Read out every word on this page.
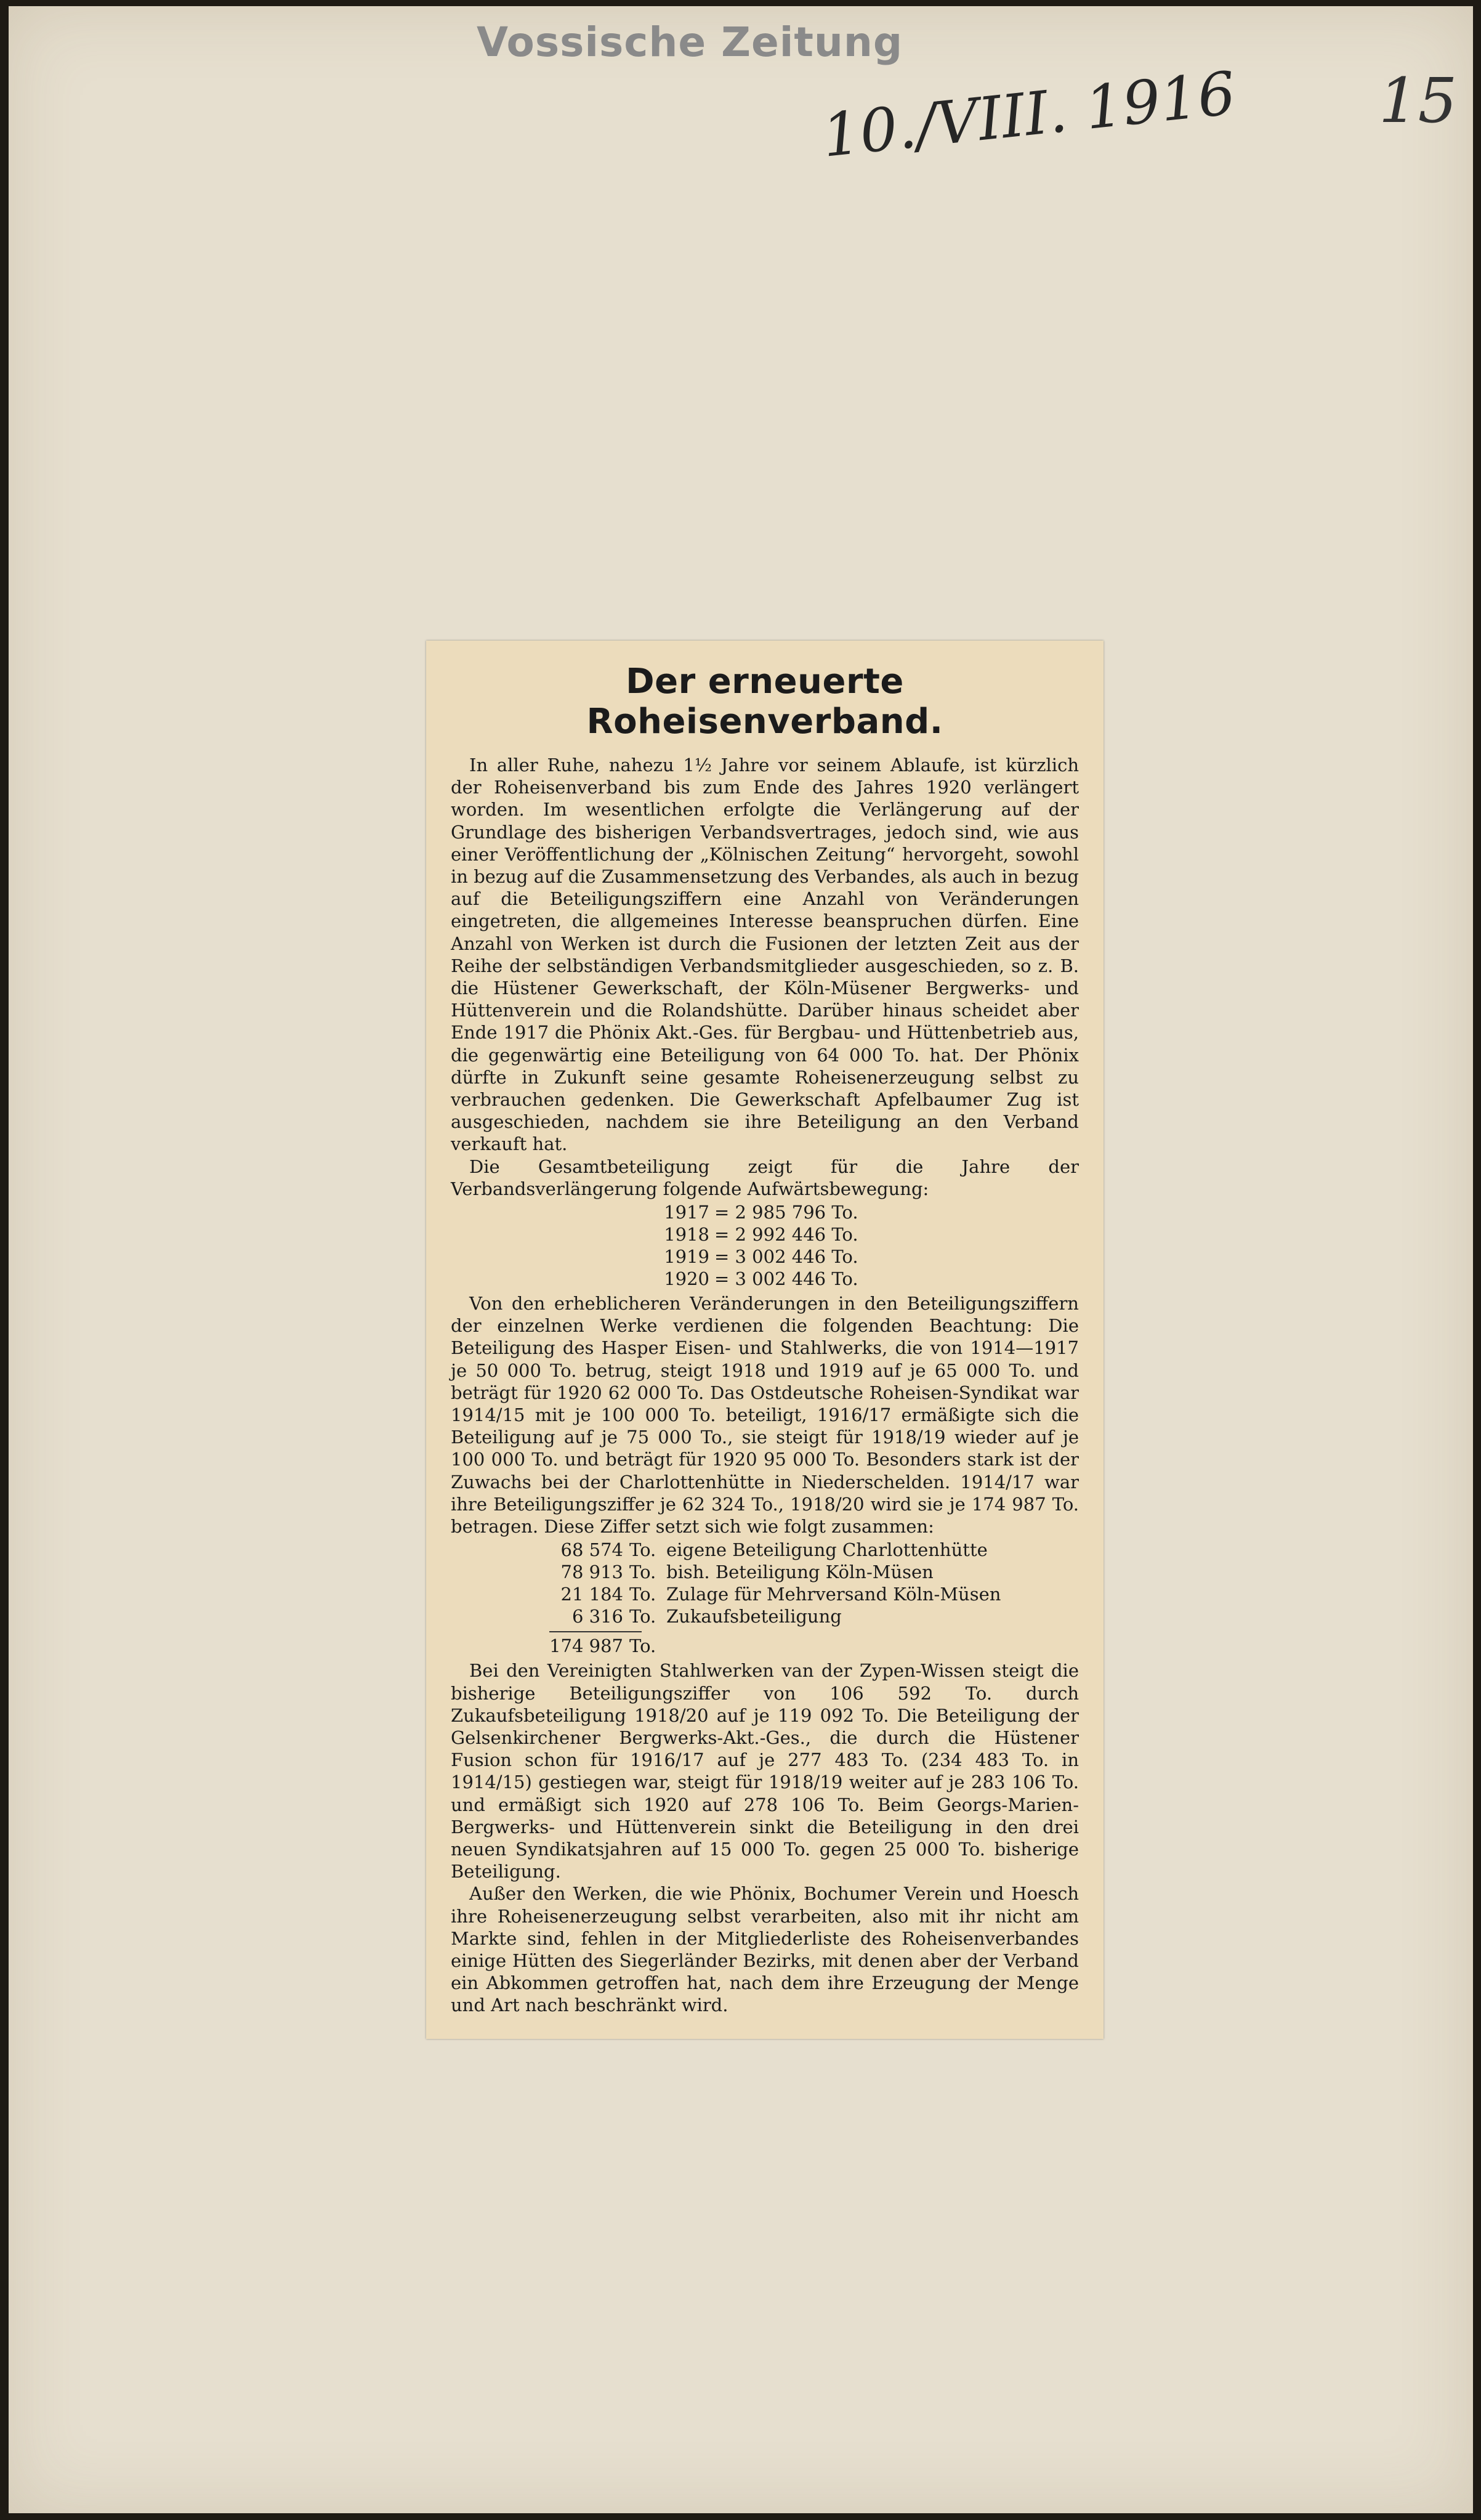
Vossische Zeitung
10./VIII. 1916 15
Der erneuerte Roheisenverband.

In aller Ruhe, nahezu 1½ Jahre vor seinem Ablaufe, ist kürzlich der Roheisenverband bis zum Ende des Jahres 1920 verlängert worden. Im wesentlichen erfolgte die Verlängerung auf der Grundlage des bisherigen Verbandsvertrages, jedoch sind, wie aus einer Veröffentlichung der „Kölnischen Zeitung“ hervorgeht, sowohl in bezug auf die Zusammensetzung des Verbandes, als auch in bezug auf die Beteiligungsziffern eine Anzahl von Veränderungen eingetreten, die allgemeines Interesse beanspruchen dürfen. Eine Anzahl von Werken ist durch die Fusionen der letzten Zeit aus der Reihe der selbständigen Verbandsmitglieder ausgeschieden, so z. B. die Hüstener Gewerkschaft, der Köln-Müsener Bergwerks- und Hüttenverein und die Rolandshütte. Darüber hinaus scheidet aber Ende 1917 die Phönix Akt.-Ges. für Bergbau- und Hüttenbetrieb aus, die gegenwärtig eine Beteiligung von 64 000 To. hat. Der Phönix dürfte in Zukunft seine gesamte Roheisenerzeugung selbst zu verbrauchen gedenken. Die Gewerkschaft Apfelbaumer Zug ist ausgeschieden, nachdem sie ihre Beteiligung an den Verband verkauft hat.

Die Gesamtbeteiligung zeigt für die Jahre der Verbandsverlängerung folgende Aufwärtsbewegung:

1917 = 2 985 796 To.
1918 = 2 992 446 To.
1919 = 3 002 446 To.
1920 = 3 002 446 To.

Von den erheblicheren Veränderungen in den Beteiligungsziffern der einzelnen Werke verdienen die folgenden Beachtung: Die Beteiligung des Hasper Eisen- und Stahlwerks, die von 1914—1917 je 50 000 To. betrug, steigt 1918 und 1919 auf je 65 000 To. und beträgt für 1920 62 000 To. Das Ostdeutsche Roheisen-Syndikat war 1914/15 mit je 100 000 To. beteiligt, 1916/17 ermäßigte sich die Beteiligung auf je 75 000 To., sie steigt für 1918/19 wieder auf je 100 000 To. und beträgt für 1920 95 000 To. Besonders stark ist der Zuwachs bei der Charlottenhütte in Niederschelden. 1914/17 war ihre Beteiligungsziffer je 62 324 To., 1918/20 wird sie je 174 987 To. betragen. Diese Ziffer setzt sich wie folgt zusammen:

68 574 To. eigene Beteiligung Charlottenhütte
78 913 To. bish. Beteiligung Köln-Müsen
21 184 To. Zulage für Mehrversand Köln-Müsen
6 316 To. Zukaufsbeteiligung
174 987 To.

Bei den Vereinigten Stahlwerken van der Zypen-Wissen steigt die bisherige Beteiligungsziffer von 106 592 To. durch Zukaufsbeteiligung 1918/20 auf je 119 092 To. Die Beteiligung der Gelsenkirchener Bergwerks-Akt.-Ges., die durch die Hüstener Fusion schon für 1916/17 auf je 277 483 To. (234 483 To. in 1914/15) gestiegen war, steigt für 1918/19 weiter auf je 283 106 To. und ermäßigt sich 1920 auf 278 106 To. Beim Georgs-Marien-Bergwerks- und Hüttenverein sinkt die Beteiligung in den drei neuen Syndikatsjahren auf 15 000 To. gegen 25 000 To. bisherige Beteiligung.

Außer den Werken, die wie Phönix, Bochumer Verein und Hoesch ihre Roheisenerzeugung selbst verarbeiten, also mit ihr nicht am Markte sind, fehlen in der Mitgliederliste des Roheisenverbandes einige Hütten des Siegerländer Bezirks, mit denen aber der Verband ein Abkommen getroffen hat, nach dem ihre Erzeugung der Menge und Art nach beschränkt wird.
